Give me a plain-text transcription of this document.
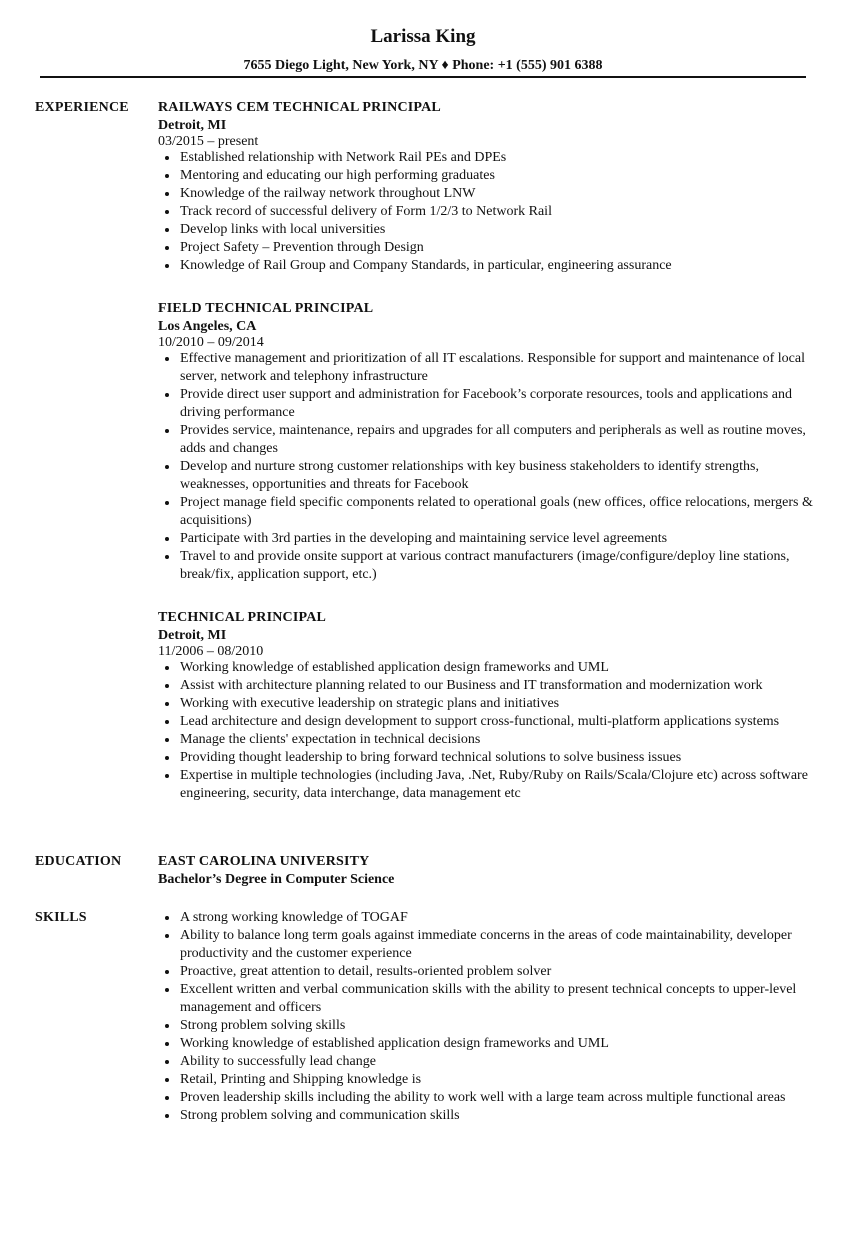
Larissa King
7655 Diego Light, New York, NY ♦ Phone: +1 (555) 901 6388
EXPERIENCE RAILWAYS CEM TECHNICAL PRINCIPAL
Detroit, MI
03/2015 – present
Established relationship with Network Rail PEs and DPEs
Mentoring and educating our high performing graduates
Knowledge of the railway network throughout LNW
Track record of successful delivery of Form 1/2/3 to Network Rail
Develop links with local universities
Project Safety – Prevention through Design
Knowledge of Rail Group and Company Standards, in particular, engineering assurance
FIELD TECHNICAL PRINCIPAL
Los Angeles, CA
10/2010 – 09/2014
Effective management and prioritization of all IT escalations. Responsible for support and maintenance of local server, network and telephony infrastructure
Provide direct user support and administration for Facebook’s corporate resources, tools and applications and driving performance
Provides service, maintenance, repairs and upgrades for all computers and peripherals as well as routine moves, adds and changes
Develop and nurture strong customer relationships with key business stakeholders to identify strengths, weaknesses, opportunities and threats for Facebook
Project manage field specific components related to operational goals (new offices, office relocations, mergers & acquisitions)
Participate with 3rd parties in the developing and maintaining service level agreements
Travel to and provide onsite support at various contract manufacturers (image/configure/deploy line stations, break/fix, application support, etc.)
TECHNICAL PRINCIPAL
Detroit, MI
11/2006 – 08/2010
Working knowledge of established application design frameworks and UML
Assist with architecture planning related to our Business and IT transformation and modernization work
Working with executive leadership on strategic plans and initiatives
Lead architecture and design development to support cross-functional, multi-platform applications systems
Manage the clients' expectation in technical decisions
Providing thought leadership to bring forward technical solutions to solve business issues
Expertise in multiple technologies (including Java, .Net, Ruby/Ruby on Rails/Scala/Clojure etc) across software engineering, security, data interchange, data management etc
EDUCATION	EAST CAROLINA UNIVERSITY
Bachelor’s Degree in Computer Science
SKILLS	A strong working knowledge of TOGAF
Ability to balance long term goals against immediate concerns in the areas of code maintainability, developer productivity and the customer experience
Proactive, great attention to detail, results-oriented problem solver
Excellent written and verbal communication skills with the ability to present technical concepts to upper-level management and officers
Strong problem solving skills
Working knowledge of established application design frameworks and UML
Ability to successfully lead change
Retail, Printing and Shipping knowledge is
Proven leadership skills including the ability to work well with a large team across multiple functional areas
Strong problem solving and communication skills
